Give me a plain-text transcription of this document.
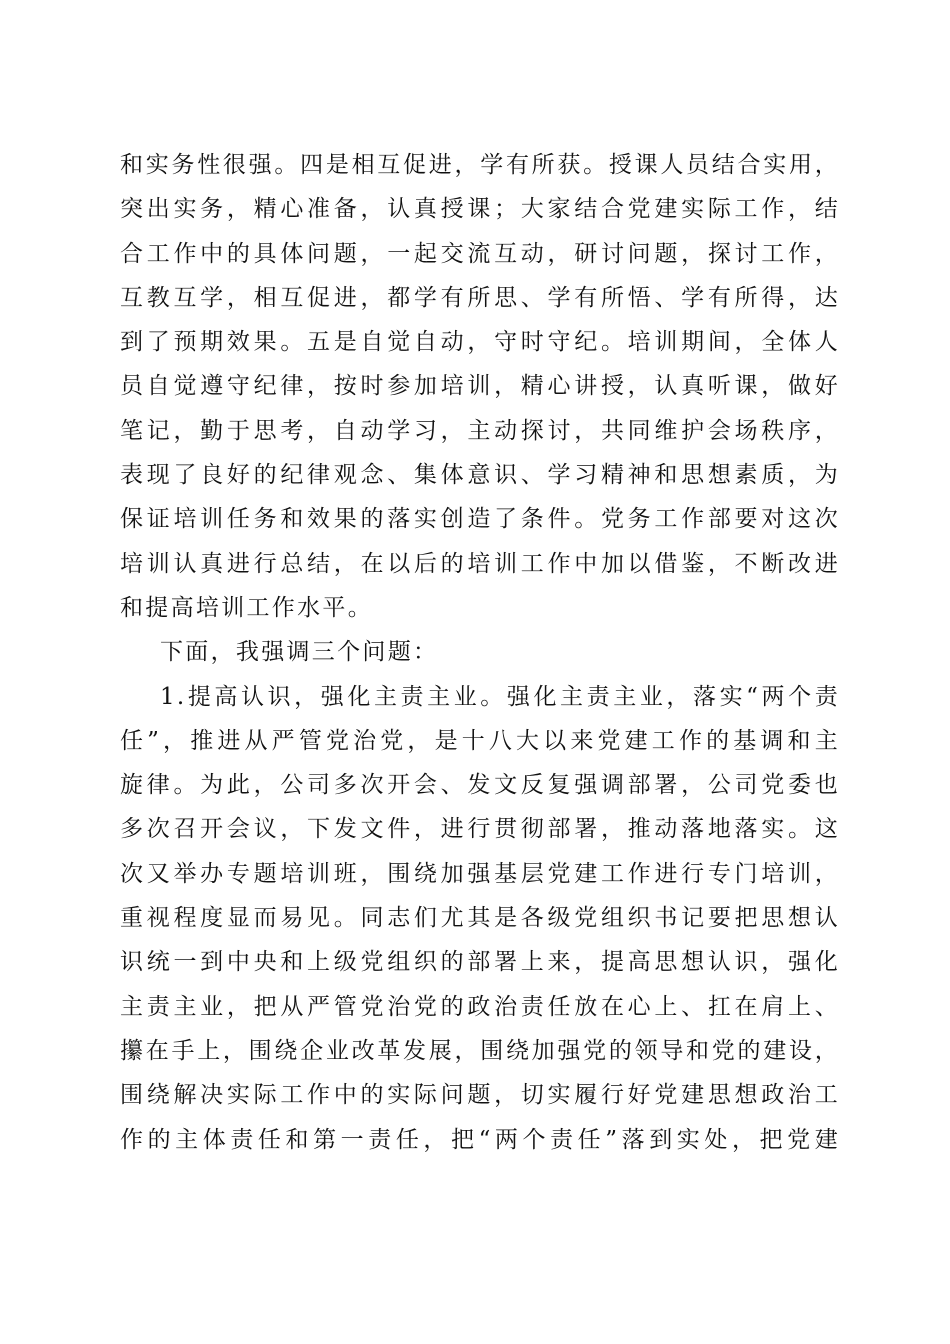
和实务性很强。四是相互促进，学有所获。授课人员结合实用，
突出实务，精心准备，认真授课；大家结合党建实际工作，结
合工作中的具体问题，一起交流互动，研讨问题，探讨工作，
互教互学，相互促进，都学有所思、学有所悟、学有所得，达
到了预期效果。五是自觉自动，守时守纪。培训期间，全体人
员自觉遵守纪律，按时参加培训，精心讲授，认真听课，做好
笔记，勤于思考，自动学习，主动探讨，共同维护会场秩序，
表现了良好的纪律观念、集体意识、学习精神和思想素质，为
保证培训任务和效果的落实创造了条件。党务工作部要对这次
培训认真进行总结，在以后的培训工作中加以借鉴，不断改进
和提高培训工作水平。
下面，我强调三个问题：
1.提高认识，强化主责主业。强化主责主业，落实“两个责
任”，推进从严管党治党，是十八大以来党建工作的基调和主
旋律。为此，公司多次开会、发文反复强调部署，公司党委也
多次召开会议，下发文件，进行贯彻部署，推动落地落实。这
次又举办专题培训班，围绕加强基层党建工作进行专门培训，
重视程度显而易见。同志们尤其是各级党组织书记要把思想认
识统一到中央和上级党组织的部署上来，提高思想认识，强化
主责主业，把从严管党治党的政治责任放在心上、扛在肩上、
攥在手上，围绕企业改革发展，围绕加强党的领导和党的建设，
围绕解决实际工作中的实际问题，切实履行好党建思想政治工
作的主体责任和第一责任，把“两个责任”落到实处，把党建
